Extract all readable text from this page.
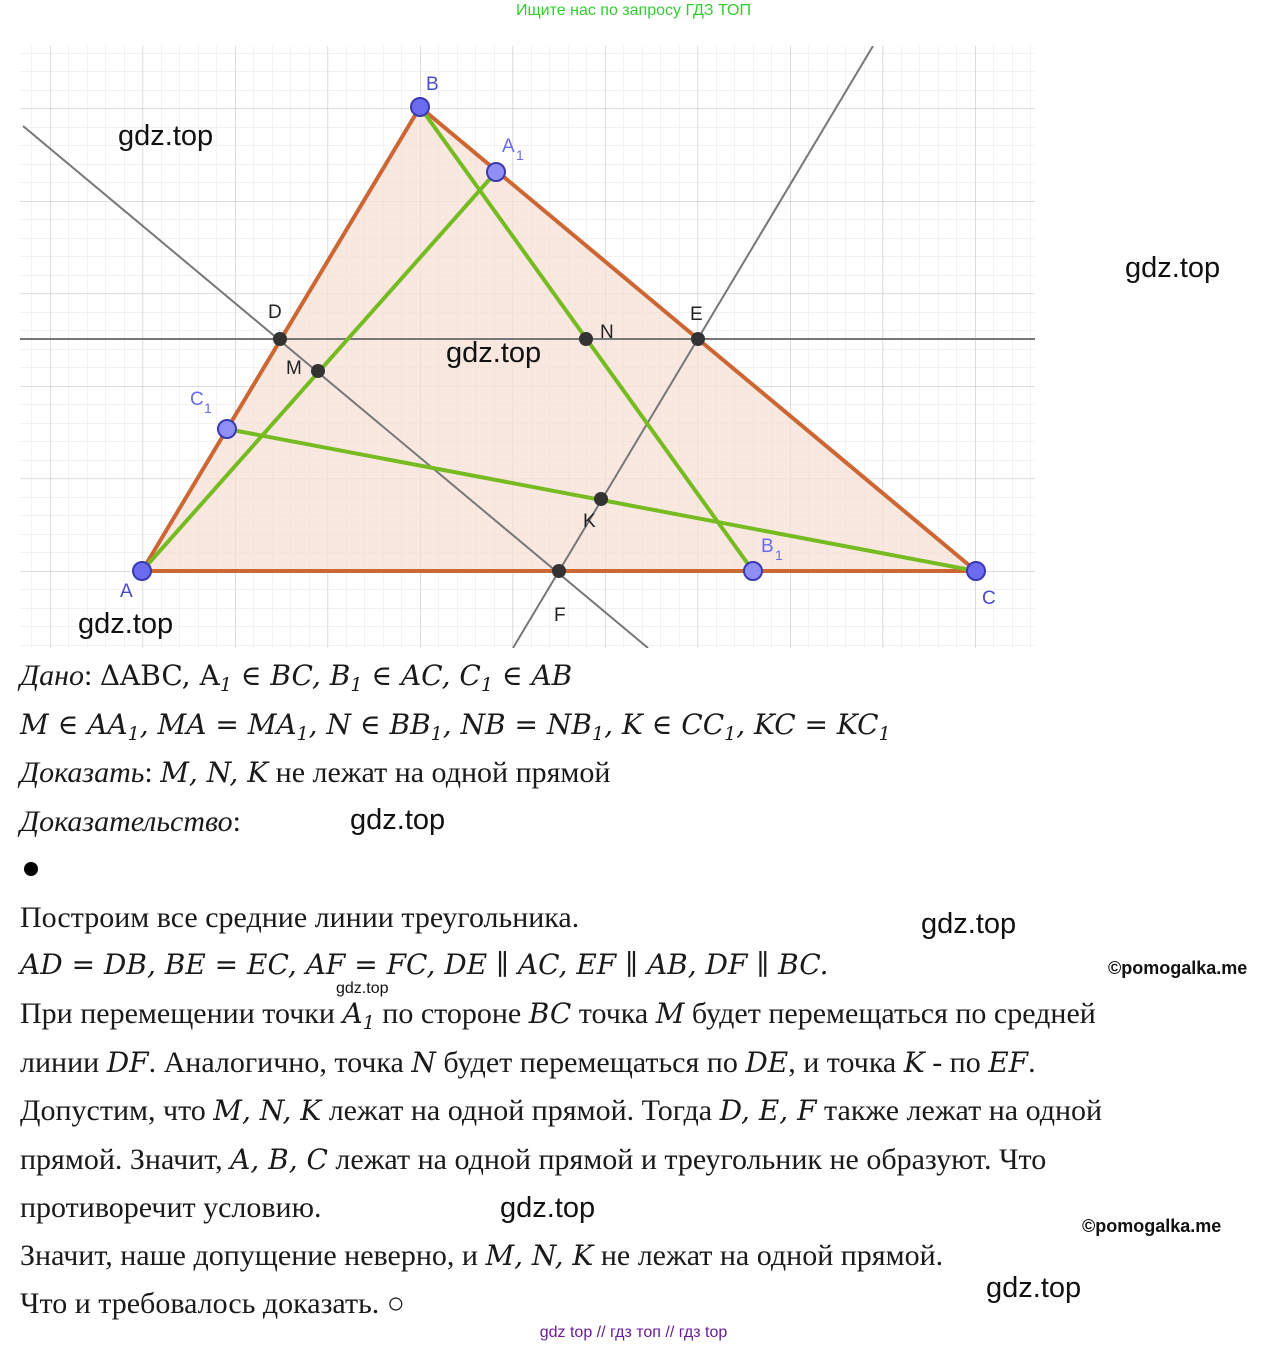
Ищите нас по запросу ГДЗ ТОП
B
A 1
D	E
N
M
C 1
K
B 1
A
F
C
gdz.top
gdz.top
gdz.top
gdz.top
gdz.top
gdz.top
gdz.top
gdz.top
gdz.top
©pomogalka.me
©pomogalka.me
Дано: ΔABC, $A_1$ ∈ BC, $B_1$ ∈ AC, $C_1$ ∈ AB
M ∈ $AA_1$, MA = $MA_1$, N ∈ $BB_1$, NB = $NB_1$, K ∈ $CC_1$, KC = $KC_1$
Доказать: M, N, K не лежат на одной прямой
Доказательство:
Построим все средние линии треугольника.
AD = DB, BE = EC, AF = FC, DE ∥ AC, EF ∥ AB, DF ∥ BC.
При перемещении точки $A_1$ по стороне BC точка M будет перемещаться по средней
линии DF. Аналогично, точка N будет перемещаться по DE, и точка K - по EF.
Допустим, что M, N, K лежат на одной прямой. Тогда D, E, F также лежат на одной
прямой. Значит, A, B, C лежат на одной прямой и треугольник не образуют. Что
противоречит условию.
Значит, наше допущение неверно, и M, N, K не лежат на одной прямой.
Что и требовалось доказать. ○
gdz top // гдз топ // гдз top
